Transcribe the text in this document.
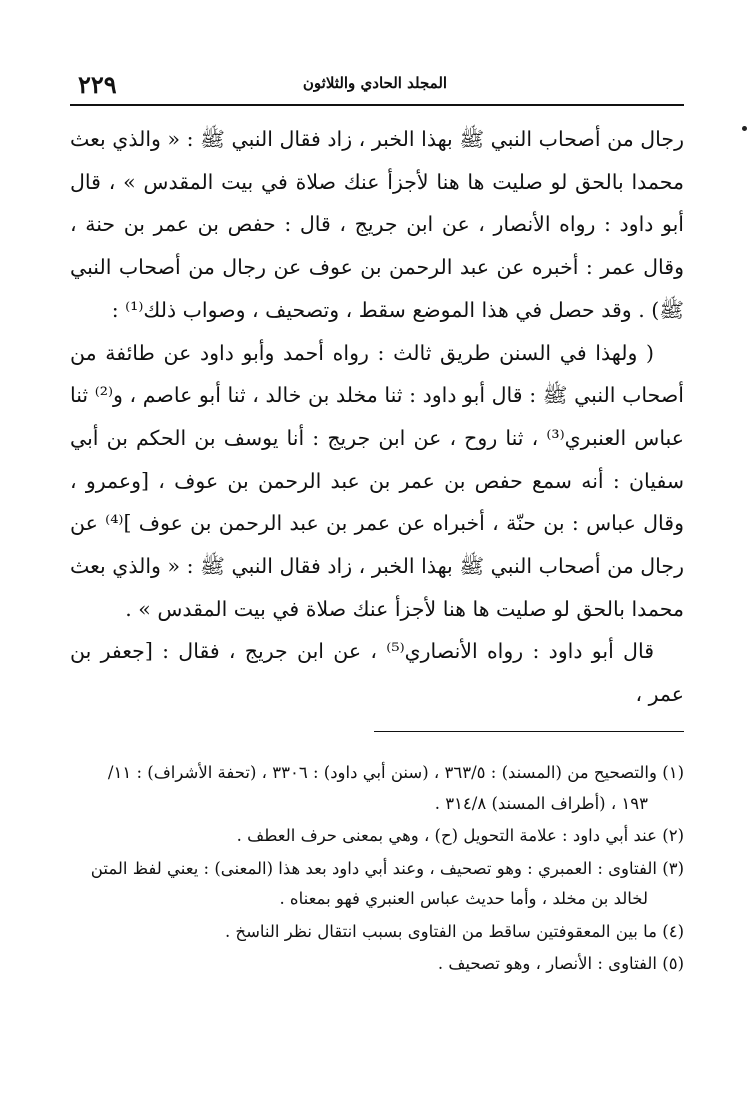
المجلد الحادي والثلاثون
٢٢٩

رجال من أصحاب النبي ﷺ بهذا الخبر ، زاد فقال النبي ﷺ : « والذي بعث محمدا بالحق لو صليت ها هنا لأجزأ عنك صلاة في بيت المقدس » ، قال أبو داود : رواه الأنصار ، عن ابن جريج ، قال : حفص بن عمر بن حنة ، وقال عمر : أخبره عن عبد الرحمن بن عوف عن رجال من أصحاب النبي ﷺ) . وقد حصل في هذا الموضع سقط ، وتصحيف ، وصواب ذلك⁽¹⁾ :

( ولهذا في السنن طريق ثالث : رواه أحمد وأبو داود عن طائفة من أصحاب النبي ﷺ : قال أبو داود : ثنا مخلد بن خالد ، ثنا أبو عاصم ، و⁽²⁾ ثنا عباس العنبري⁽³⁾ ، ثنا روح ، عن ابن جريج : أنا يوسف بن الحكم بن أبي سفيان : أنه سمع حفص بن عمر بن عبد الرحمن بن عوف ، [وعمرو ، وقال عباس : بن حنّة ، أخبراه عن عمر بن عبد الرحمن بن عوف ]⁽⁴⁾ عن رجال من أصحاب النبي ﷺ بهذا الخبر ، زاد فقال النبي ﷺ : « والذي بعث محمدا بالحق لو صليت ها هنا لأجزأ عنك صلاة في بيت المقدس » .

قال أبو داود : رواه الأنصاري⁽⁵⁾ ، عن ابن جريج ، فقال : [جعفر بن عمر ،

(١) والتصحيح من (المسند) : ٣٦٣/٥ ، (سنن أبي داود) : ٣٣٠٦ ، (تحفة الأشراف) : ١١/
١٩٣ ، (أطراف المسند) ٣١٤/٨ .
(٢) عند أبي داود : علامة التحويل (ح) ، وهي بمعنى حرف العطف .
(٣) الفتاوى : العمبري : وهو تصحيف ، وعند أبي داود بعد هذا (المعنى) : يعني لفظ المتن
لخالد بن مخلد ، وأما حديث عباس العنبري فهو بمعناه .
(٤) ما بين المعقوفتين ساقط من الفتاوى بسبب انتقال نظر الناسخ .
(٥) الفتاوى : الأنصار ، وهو تصحيف .
